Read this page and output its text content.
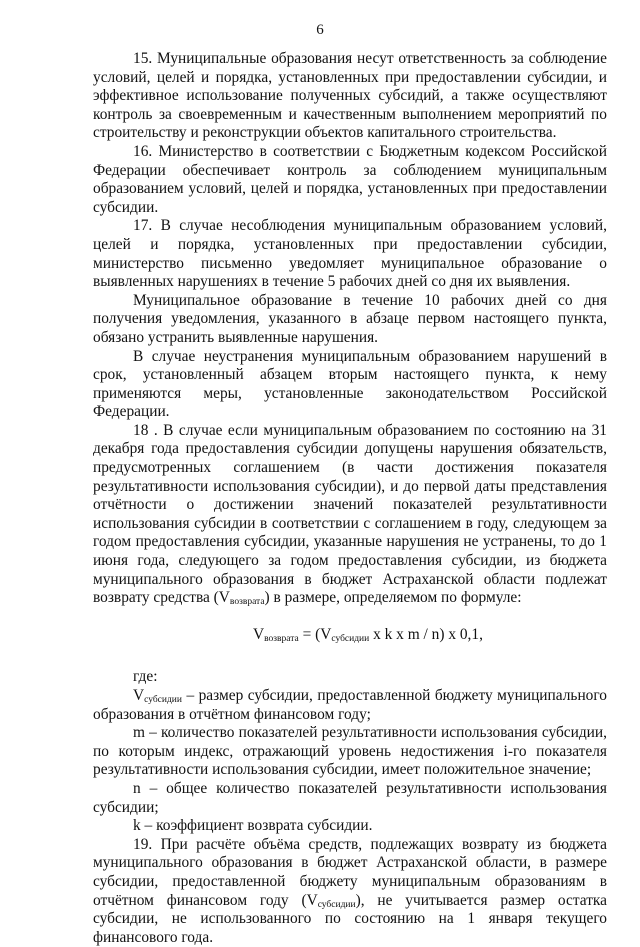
6

15. Муниципальные образования несут ответственность за соблюдение условий, целей и порядка, установленных при предоставлении субсидии, и эффективное использование полученных субсидий, а также осуществляют контроль за своевременным и качественным выполнением мероприятий по строительству и реконструкции объектов капитального строительства.

16. Министерство в соответствии с Бюджетным кодексом Российской Федерации обеспечивает контроль за соблюдением муниципальным образованием условий, целей и порядка, установленных при предоставлении субсидии.

17. В случае несоблюдения муниципальным образованием условий, целей и порядка, установленных при предоставлении субсидии, министерство письменно уведомляет муниципальное образование о выявленных нарушениях в течение 5 рабочих дней со дня их выявления.

Муниципальное образование в течение 10 рабочих дней со дня получения уведомления, указанного в абзаце первом настоящего пункта, обязано устранить выявленные нарушения.

В случае неустранения муниципальным образованием нарушений в срок, установленный абзацем вторым настоящего пункта, к нему применяются меры, установленные законодательством Российской Федерации.

18 . В случае если муниципальным образованием по состоянию на 31 декабря года предоставления субсидии допущены нарушения обязательств, предусмотренных соглашением (в части достижения показателя результативности использования субсидии), и до первой даты представления отчётности о достижении значений показателей результативности использования субсидии в соответствии с соглашением в году, следующем за годом предоставления субсидии, указанные нарушения не устранены, то до 1 июня года, следующего за годом предоставления субсидии, из бюджета муниципального образования в бюджет Астраханской области подлежат возврату средства $(V_{возврата})$ в размере, определяемом по формуле:

$V_{возврата} = (V_{субсидии}$ x k x m / n) x 0,1,

где:

$V_{субсидии}$ – размер субсидии, предоставленной бюджету муниципального образования в отчётном финансовом году;

m – количество показателей результативности использования субсидии, по которым индекс, отражающий уровень недостижения i-го показателя результативности использования субсидии, имеет положительное значение;

n – общее количество показателей результативности использования субсидии;

k – коэффициент возврата субсидии.

19. При расчёте объёма средств, подлежащих возврату из бюджета муниципального образования в бюджет Астраханской области, в размере субсидии, предоставленной бюджету муниципальным образованиям в отчётном финансовом году $(V_{субсидии})$, не учитывается размер остатка субсидии, не использованного по состоянию на 1 января текущего финансового года.
